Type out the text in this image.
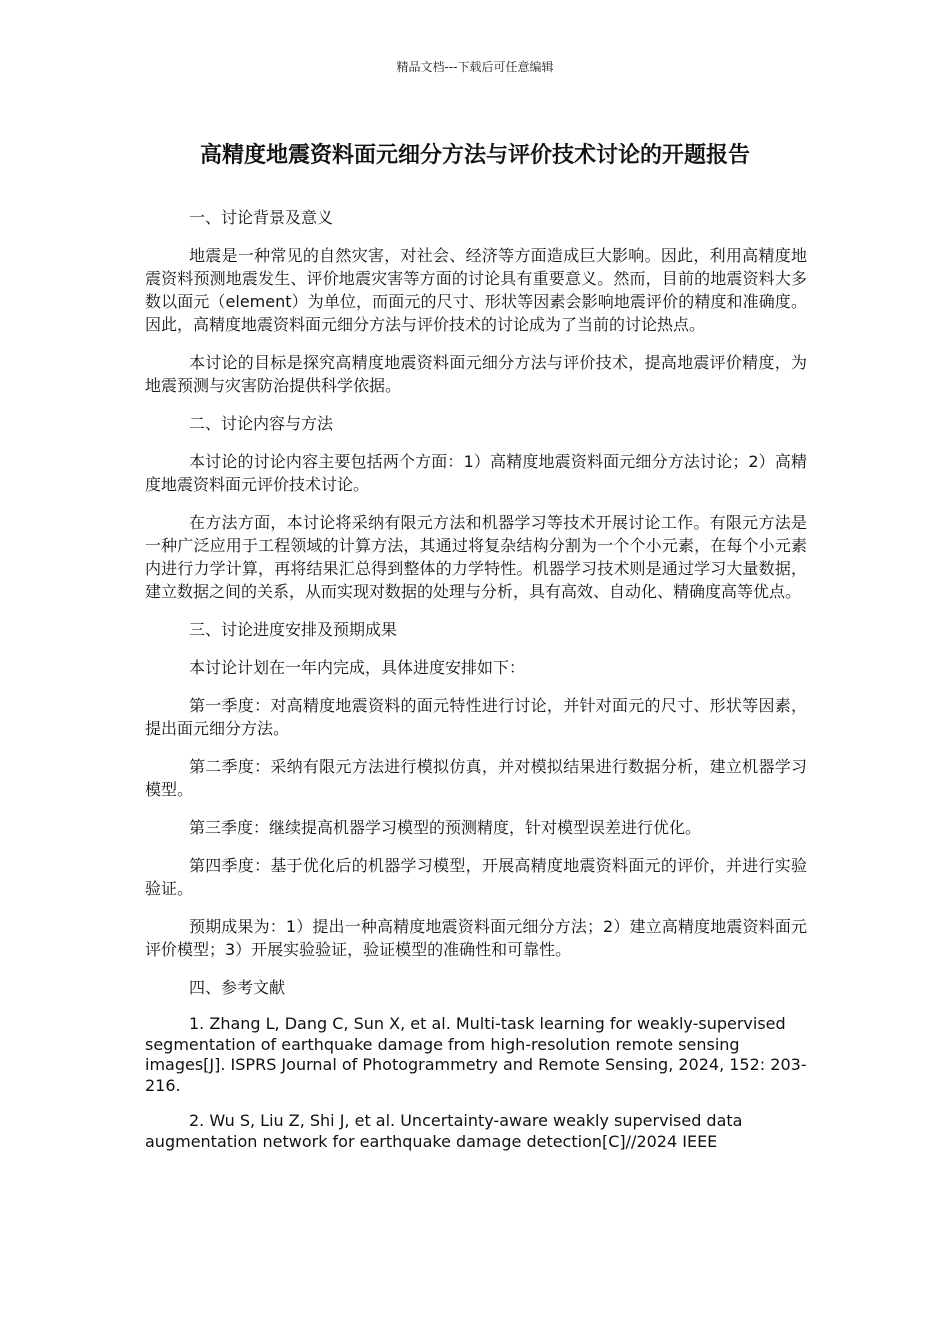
精品文档---下载后可任意编辑
高精度地震资料面元细分方法与评价技术讨论的开题报告

一、讨论背景及意义

地震是一种常见的自然灾害，对社会、经济等方面造成巨大影响。因此，利用高精度地震资料预测地震发生、评价地震灾害等方面的讨论具有重要意义。然而，目前的地震资料大多数以面元（element）为单位，而面元的尺寸、形状等因素会影响地震评价的精度和准确度。因此，高精度地震资料面元细分方法与评价技术的讨论成为了当前的讨论热点。

本讨论的目标是探究高精度地震资料面元细分方法与评价技术，提高地震评价精度，为地震预测与灾害防治提供科学依据。

二、讨论内容与方法

本讨论的讨论内容主要包括两个方面：1）高精度地震资料面元细分方法讨论；2）高精度地震资料面元评价技术讨论。

在方法方面，本讨论将采纳有限元方法和机器学习等技术开展讨论工作。有限元方法是一种广泛应用于工程领域的计算方法，其通过将复杂结构分割为一个个小元素，在每个小元素内进行力学计算，再将结果汇总得到整体的力学特性。机器学习技术则是通过学习大量数据，建立数据之间的关系，从而实现对数据的处理与分析，具有高效、自动化、精确度高等优点。

三、讨论进度安排及预期成果

本讨论计划在一年内完成，具体进度安排如下：

第一季度：对高精度地震资料的面元特性进行讨论，并针对面元的尺寸、形状等因素，提出面元细分方法。

第二季度：采纳有限元方法进行模拟仿真，并对模拟结果进行数据分析，建立机器学习模型。

第三季度：继续提高机器学习模型的预测精度，针对模型误差进行优化。

第四季度：基于优化后的机器学习模型，开展高精度地震资料面元的评价，并进行实验验证。

预期成果为：1）提出一种高精度地震资料面元细分方法；2）建立高精度地震资料面元评价模型；3）开展实验验证，验证模型的准确性和可靠性。

四、参考文献

1. Zhang L, Dang C, Sun X, et al. Multi-task learning for weakly-supervised segmentation of earthquake damage from high-resolution remote sensing images[J]. ISPRS Journal of Photogrammetry and Remote Sensing, 2024, 152: 203-216.

2. Wu S, Liu Z, Shi J, et al. Uncertainty-aware weakly supervised data augmentation network for earthquake damage detection[C]//2024 IEEE
